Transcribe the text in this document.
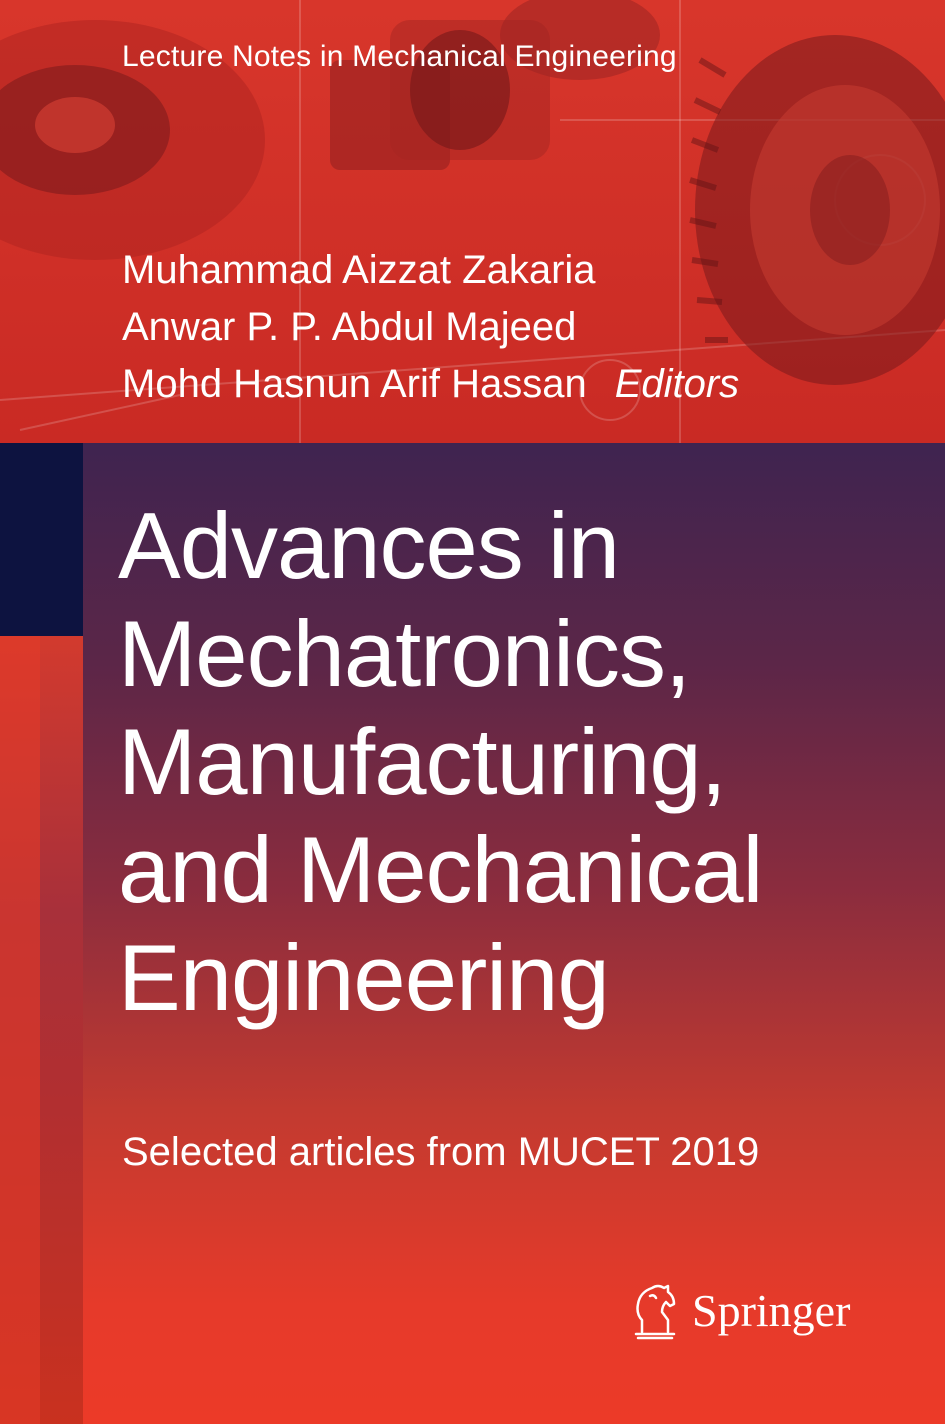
Lecture Notes in Mechanical Engineering
Muhammad Aizzat Zakaria
Anwar P. P. Abdul Majeed
Mohd Hasnun Arif Hassan Editors
Advances in
Mechatronics,
Manufacturing,
and Mechanical
Engineering
Selected articles from MUCET 2019
Springer
